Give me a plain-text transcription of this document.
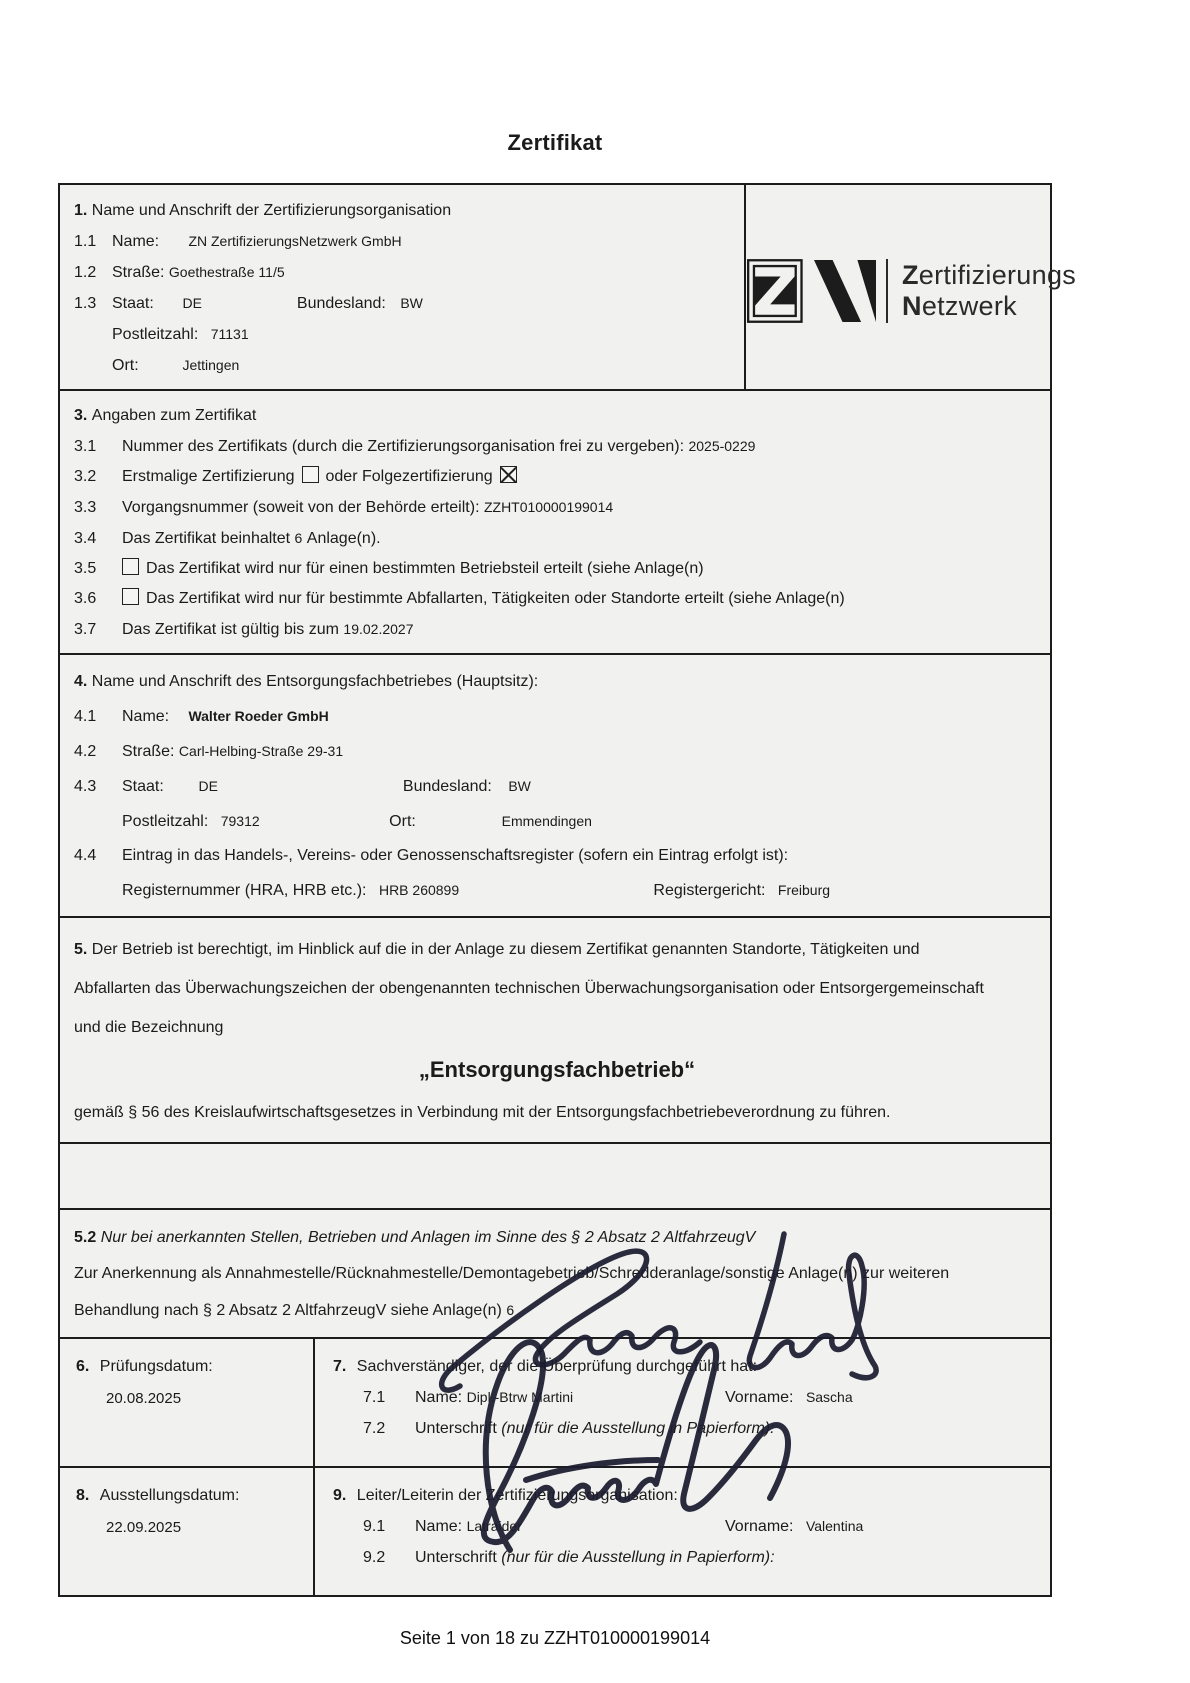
Zertifikat
1. Name und Anschrift der Zertifizierungsorganisation
1.1 Name: ZN ZertifizierungsNetzwerk GmbH
1.2 Straße: Goethestraße 11/5
1.3 Staat: DE	Bundesland: BW
Postleitzahl: 71131
Ort:	Jettingen
Zertifizierungs
Netzwerk
3. Angaben zum Zertifikat
3.1 Nummer des Zertifikats (durch die Zertifizierungsorganisation frei zu vergeben): 2025-0229
3.2 Erstmalige Zertifizierung oder Folgezertifizierung
3.3 Vorgangsnummer (soweit von der Behörde erteilt): ZZHT010000199014
3.4 Das Zertifikat beinhaltet 6 Anlage(n).
3.5	Das Zertifikat wird nur für einen bestimmten Betriebsteil erteilt (siehe Anlage(n)
3.6	Das Zertifikat wird nur für bestimmte Abfallarten, Tätigkeiten oder Standorte erteilt (siehe Anlage(n)
3.7 Das Zertifikat ist gültig bis zum 19.02.2027
4. Name und Anschrift des Entsorgungsfachbetriebes (Hauptsitz):
4.1 Name: Walter Roeder GmbH
4.2 Straße: Carl-Helbing-Straße 29-31
4.3 Staat: DE	Bundesland: BW
Postleitzahl: 79312	Ort:	Emmendingen
4.4 Eintrag in das Handels-, Vereins- oder Genossenschaftsregister (sofern ein Eintrag erfolgt ist):
Registernummer (HRA, HRB etc.): HRB 260899	Registergericht: Freiburg
5. Der Betrieb ist berechtigt, im Hinblick auf die in der Anlage zu diesem Zertifikat genannten Standorte, Tätigkeiten und
Abfallarten das Überwachungszeichen der obengenannten technischen Überwachungsorganisation oder Entsorgergemeinschaft
und die Bezeichnung
„Entsorgungsfachbetrieb“
gemäß § 56 des Kreislaufwirtschaftsgesetzes in Verbindung mit der Entsorgungsfachbetriebeverordnung zu führen.
5.2 Nur bei anerkannten Stellen, Betrieben und Anlagen im Sinne des § 2 Absatz 2 AltfahrzeugV
Zur Anerkennung als Annahmestelle/Rücknahmestelle/Demontagebetrieb/Schredderanlage/sonstige Anlage(n) zur weiteren
Behandlung nach § 2 Absatz 2 AltfahrzeugV siehe Anlage(n) 6
6. Prüfungsdatum:
20.08.2025
7. Sachverständiger, der die Überprüfung durchgeführt hat:
7.1 Name: Dipl.-Btrw Martini	Vorname: Sascha
7.2 Unterschrift (nur für die Ausstellung in Papierform):
8. Ausstellungsdatum:
22.09.2025
9. Leiter/Leiterin der Zertifizierungsorganisation:
9.1 Name: Latraider	Vorname: Valentina
9.2 Unterschrift (nur für die Ausstellung in Papierform):
Seite 1 von 18 zu ZZHT010000199014
